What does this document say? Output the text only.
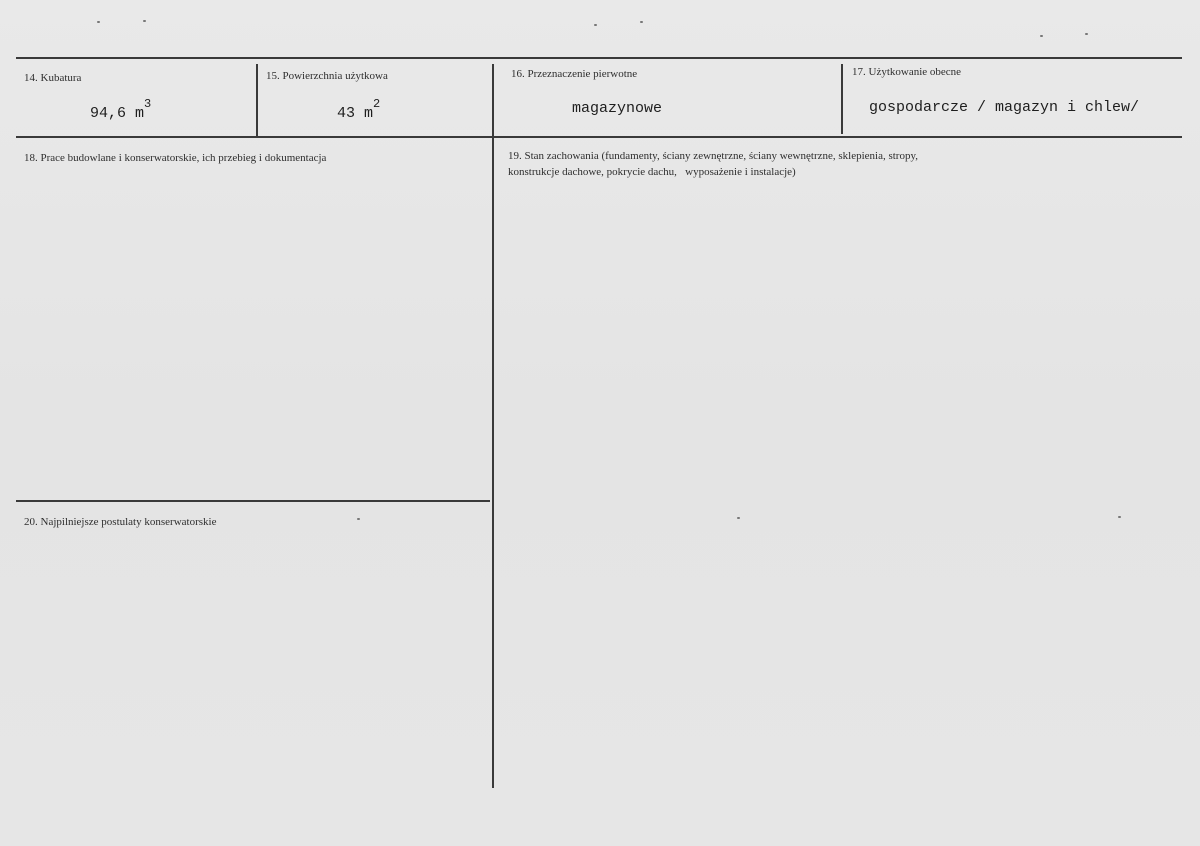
14. Kubatura
94,6 $m^3$
15. Powierzchnia użytkowa
43 $m^2$
16. Przeznaczenie pierwotne
magazynowe
17. Użytkowanie obecne
gospodarcze / magazyn i chlew/
18. Prace budowlane i konserwatorskie, ich przebieg i dokumentacja	19. Stan zachowania (fundamenty, ściany zewnętrzne, ściany wewnętrzne, sklepienia, stropy,
konstrukcje dachowe, pokrycie dachu,   wyposażenie i instalacje)
20. Najpilniejsze postulaty konserwatorskie
